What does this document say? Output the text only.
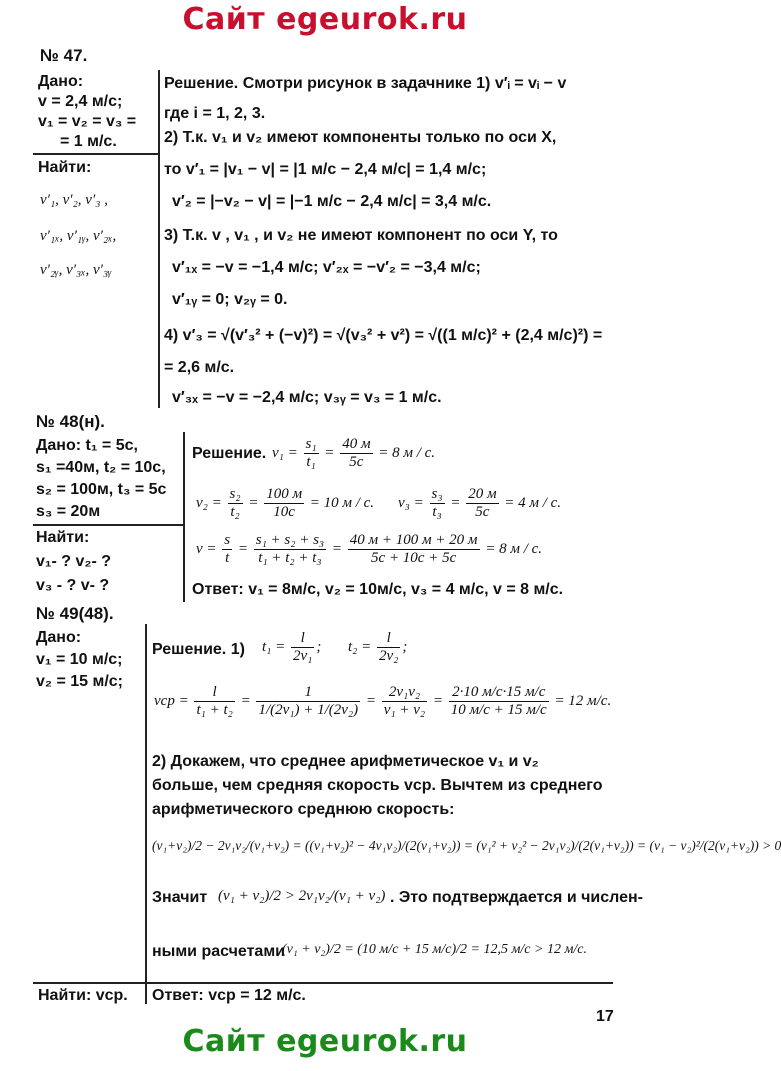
Сайт egeurok.ru
№ 47.
Дано:
v = 2,4 м/с;
v₁ = v₂ = v₃ =
= 1 м/с.
Найти:
v′₁, v′₂, v′₃ ,
v′₁ₓ, v′₁ᵧ, v′₂ₓ,
v′₂ᵧ, v′₃ₓ, v′₃ᵧ
Решение. Смотри рисунок в задачнике 1) v′ᵢ = vᵢ − v
где i = 1, 2, 3.
2) Т.к. v₁ и v₂ имеют компоненты только по оси X,
то v′₁ = |v₁ − v| = |1 м/с − 2,4 м/с| = 1,4 м/с;
v′₂ = |−v₂ − v| = |−1 м/с − 2,4 м/с| = 3,4 м/с.
3) Т.к. v , v₁ , и v₂ не имеют компонент по оси Y, то
v′₁ₓ = −v = −1,4 м/с; v′₂ₓ = −v′₂ = −3,4 м/с;
v′₁ᵧ = 0; v₂ᵧ = 0.
4) v′₃ = √(v′₃² + (−v)²) = √(v₃² + v²) = √((1 м/с)² + (2,4 м/с)²) =
= 2,6 м/с.
v′₃ₓ = −v = −2,4 м/с; v₃ᵧ = v₃ = 1 м/с.
№ 48(н).
Дано: t₁ = 5с,
s₁ =40м, t₂ = 10с,
s₂ = 100м, t₃ = 5с
s₃ = 20м
Найти:
v₁- ? v₂- ?
v₃ - ? v- ?
Решение. $v_1 = \frac{\text{s₁}}{\text{t₁}} = \frac{40 м}{5с} = 8$ м / с.
$v_2 = \frac{\text{s₂}}{\text{t₂}} = \frac{100 м}{10с} = 10$ м / с. $v_3 = \frac{\text{s₃}}{\text{t₃}} = \frac{20 м}{5с} = 4$ м / с.
$v = \frac{s}{t} = \frac{\text{s₁ + s₂ + s₃}}{\text{t₁ + t₂ + t₃}} = \frac{40 м + 100 м + 20 м}{5с + 10с + 5с} = 8$ м / с.
Ответ: v₁ = 8м/с, v₂ = 10м/с, v₃ = 4 м/с, v = 8 м/с.
№ 49(48).
Дано:
v₁ = 10 м/с;
v₂ = 15 м/с;
Найти: vср.
Решение. 1) $t_1 = \frac{l}{\text{2v₁}}$ ; $t_2 = \frac{l}{\text{2v₂}}$ ;
vср = $\frac{l}{\text{t₁ + t₂}} = \frac{1}{\text{1/(2v₁) + 1/(2v₂)}} = \frac{\text{2v₁v₂}}{\text{v₁ + v₂}} = \frac{2\cdot 10 м/с\cdot 15 м/с}{10 м/с + 15 м/с} = 12$ м/с.
2) Докажем, что среднее арифметическое v₁ и v₂
больше, чем средняя скорость vср. Вычтем из среднего
арифметического среднюю скорость:
(v₁+v₂)/2 − 2v₁v₂/(v₁+v₂) = ((v₁+v₂)² − 4v₁v₂)/(2(v₁+v₂)) = (v₁² + v₂² − 2v₁v₂)/(2(v₁+v₂)) = (v₁ − v₂)²/(2(v₁+v₂)) > 0
Значит (v₁ + v₂)/2 > 2v₁v₂/(v₁ + v₂) . Это подтверждается и числен-
ными расчетами
(v₁ + v₂)/2 = (10 м/с + 15 м/с)/2 = 12,5 м/с > 12 м/с.
Ответ: vср = 12 м/с.
17
Сайт egeurok.ru
